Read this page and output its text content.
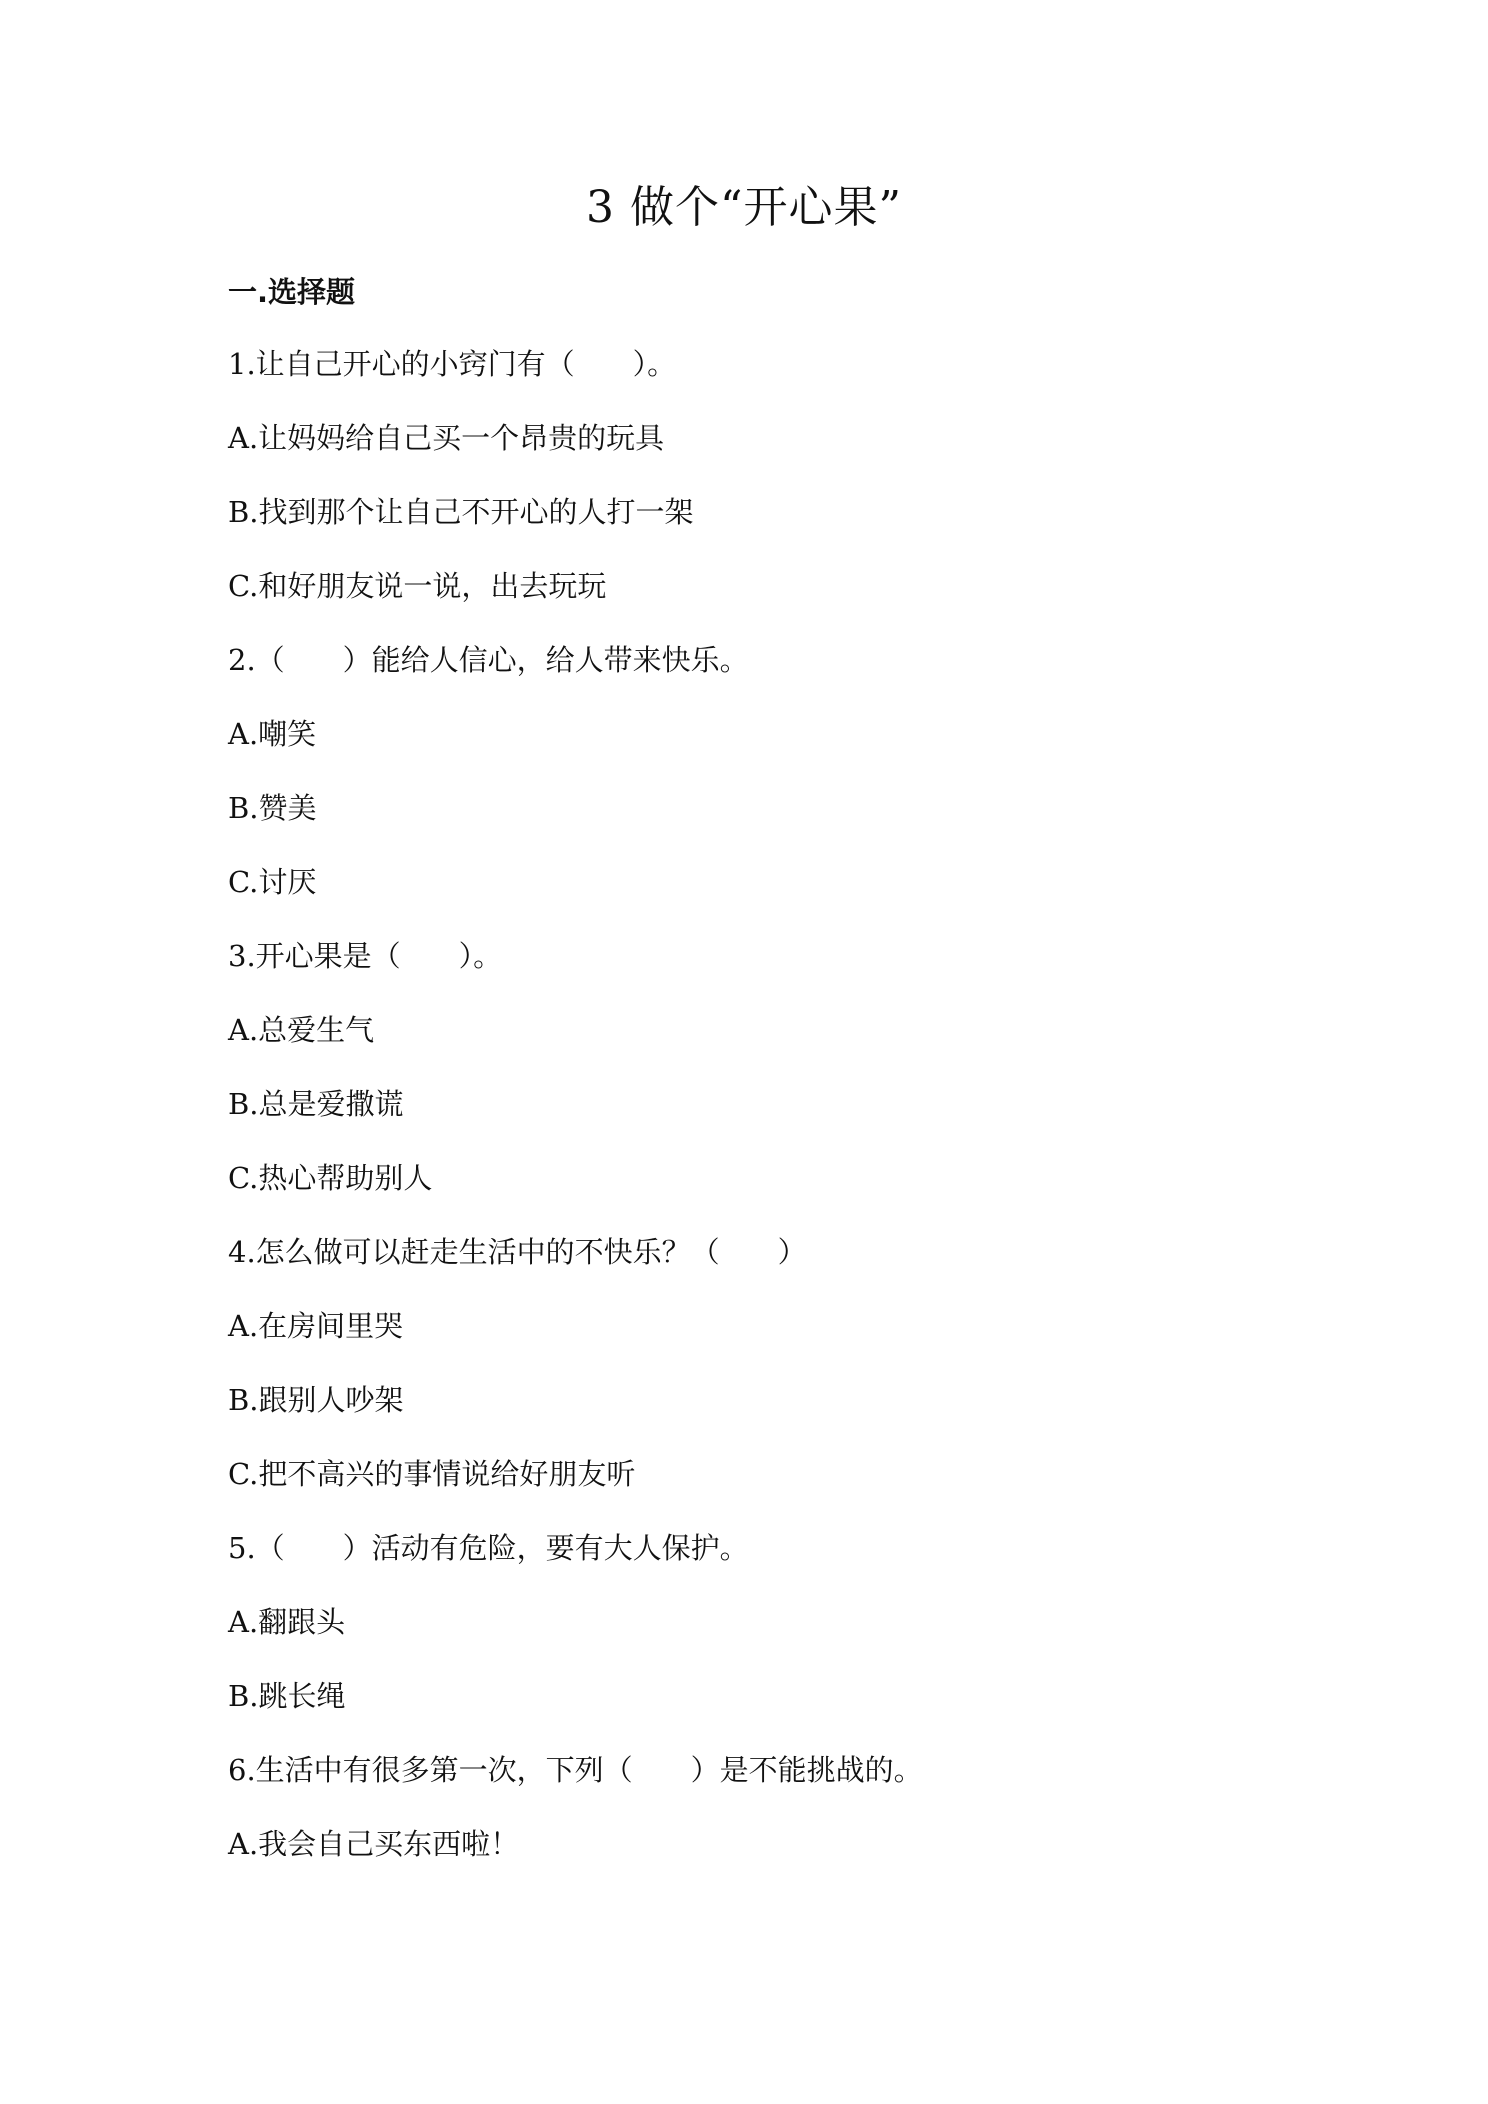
3 做个“开心果”
一.选择题
1.让自己开心的小窍门有（　　）。
A.让妈妈给自己买一个昂贵的玩具
B.找到那个让自己不开心的人打一架
C.和好朋友说一说，出去玩玩
2.（　　）能给人信心，给人带来快乐。
A.嘲笑
B.赞美
C.讨厌
3.开心果是（　　）。
A.总爱生气
B.总是爱撒谎
C.热心帮助别人
4.怎么做可以赶走生活中的不快乐？（　　）
A.在房间里哭
B.跟别人吵架
C.把不高兴的事情说给好朋友听
5.（　　）活动有危险，要有大人保护。
A.翻跟头
B.跳长绳
6.生活中有很多第一次，下列（　　）是不能挑战的。
A.我会自己买东西啦！
